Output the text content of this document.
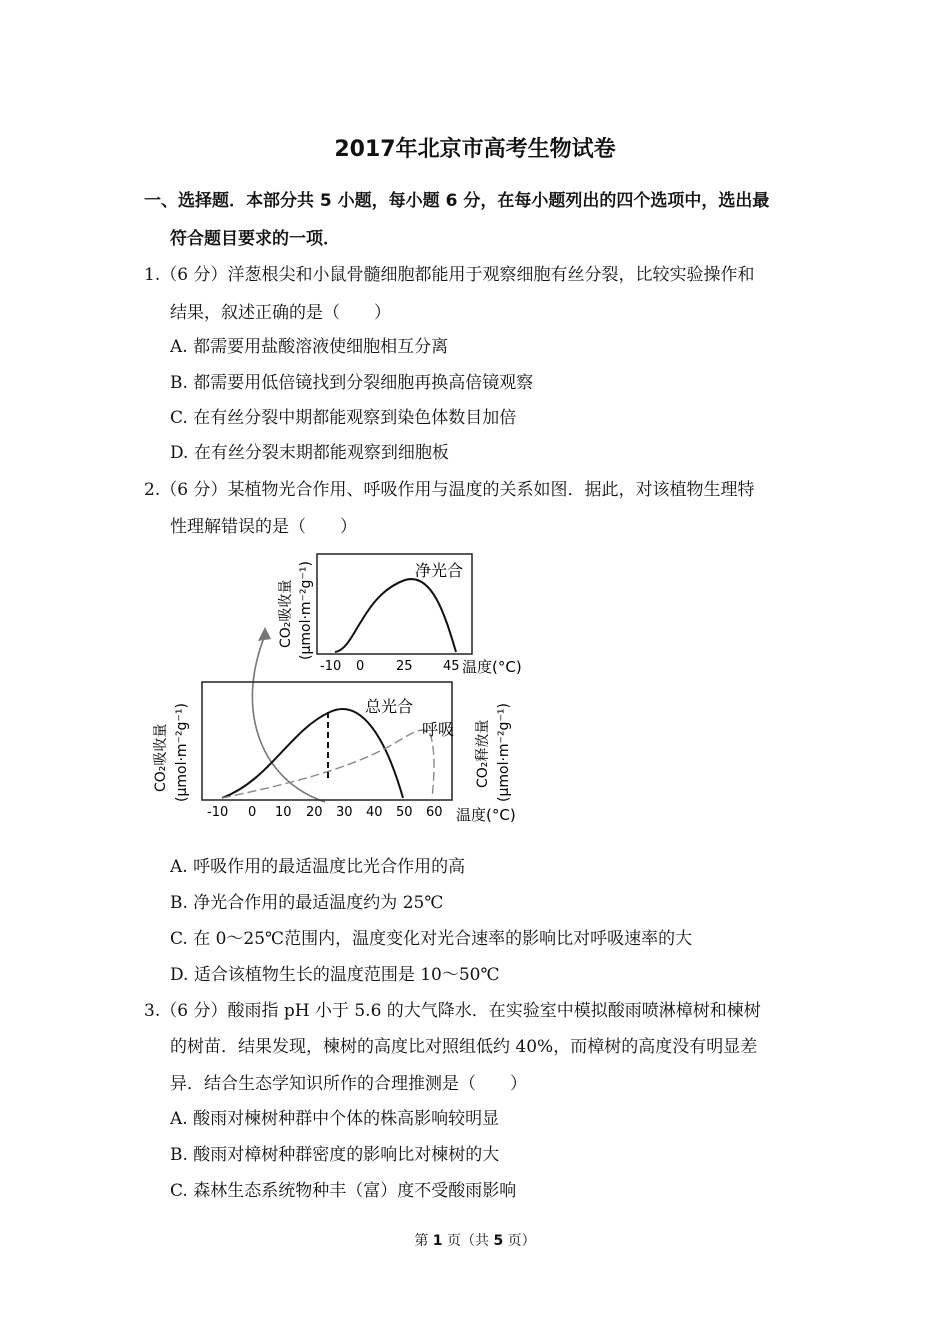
2017年北京市高考生物试卷
一、选择题．本部分共 5 小题，每小题 6 分，在每小题列出的四个选项中，选出最
符合题目要求的一项．
1.（6 分）洋葱根尖和小鼠骨髓细胞都能用于观察细胞有丝分裂，比较实验操作和
结果，叙述正确的是（　　）
A. 都需要用盐酸溶液使细胞相互分离
B. 都需要用低倍镜找到分裂细胞再换高倍镜观察
C. 在有丝分裂中期都能观察到染色体数目加倍
D. 在有丝分裂末期都能观察到细胞板
2.（6 分）某植物光合作用、呼吸作用与温度的关系如图．据此，对该植物生理特
性理解错误的是（　　）
净光合
CO₂吸收量 (μmol·m⁻²g⁻¹)
-10 0 25 45 温度(°C)
总光合
呼吸
CO₂吸收量 (μmol·m⁻²g⁻¹)	CO₂释放量 (μmol·m⁻²g⁻¹)
-10 0 10 20 30 40 50 60 温度(°C)
A. 呼吸作用的最适温度比光合作用的高
B. 净光合作用的最适温度约为 25℃
C. 在 0～25℃范围内，温度变化对光合速率的影响比对呼吸速率的大
D. 适合该植物生长的温度范围是 10～50℃
3.（6 分）酸雨指 pH 小于 5.6 的大气降水．在实验室中模拟酸雨喷淋樟树和楝树
的树苗．结果发现，楝树的高度比对照组低约 40%，而樟树的高度没有明显差
异．结合生态学知识所作的合理推测是（　　）
A. 酸雨对楝树种群中个体的株高影响较明显
B. 酸雨对樟树种群密度的影响比对楝树的大
C. 森林生态系统物种丰（富）度不受酸雨影响
第 1 页（共 5 页）
